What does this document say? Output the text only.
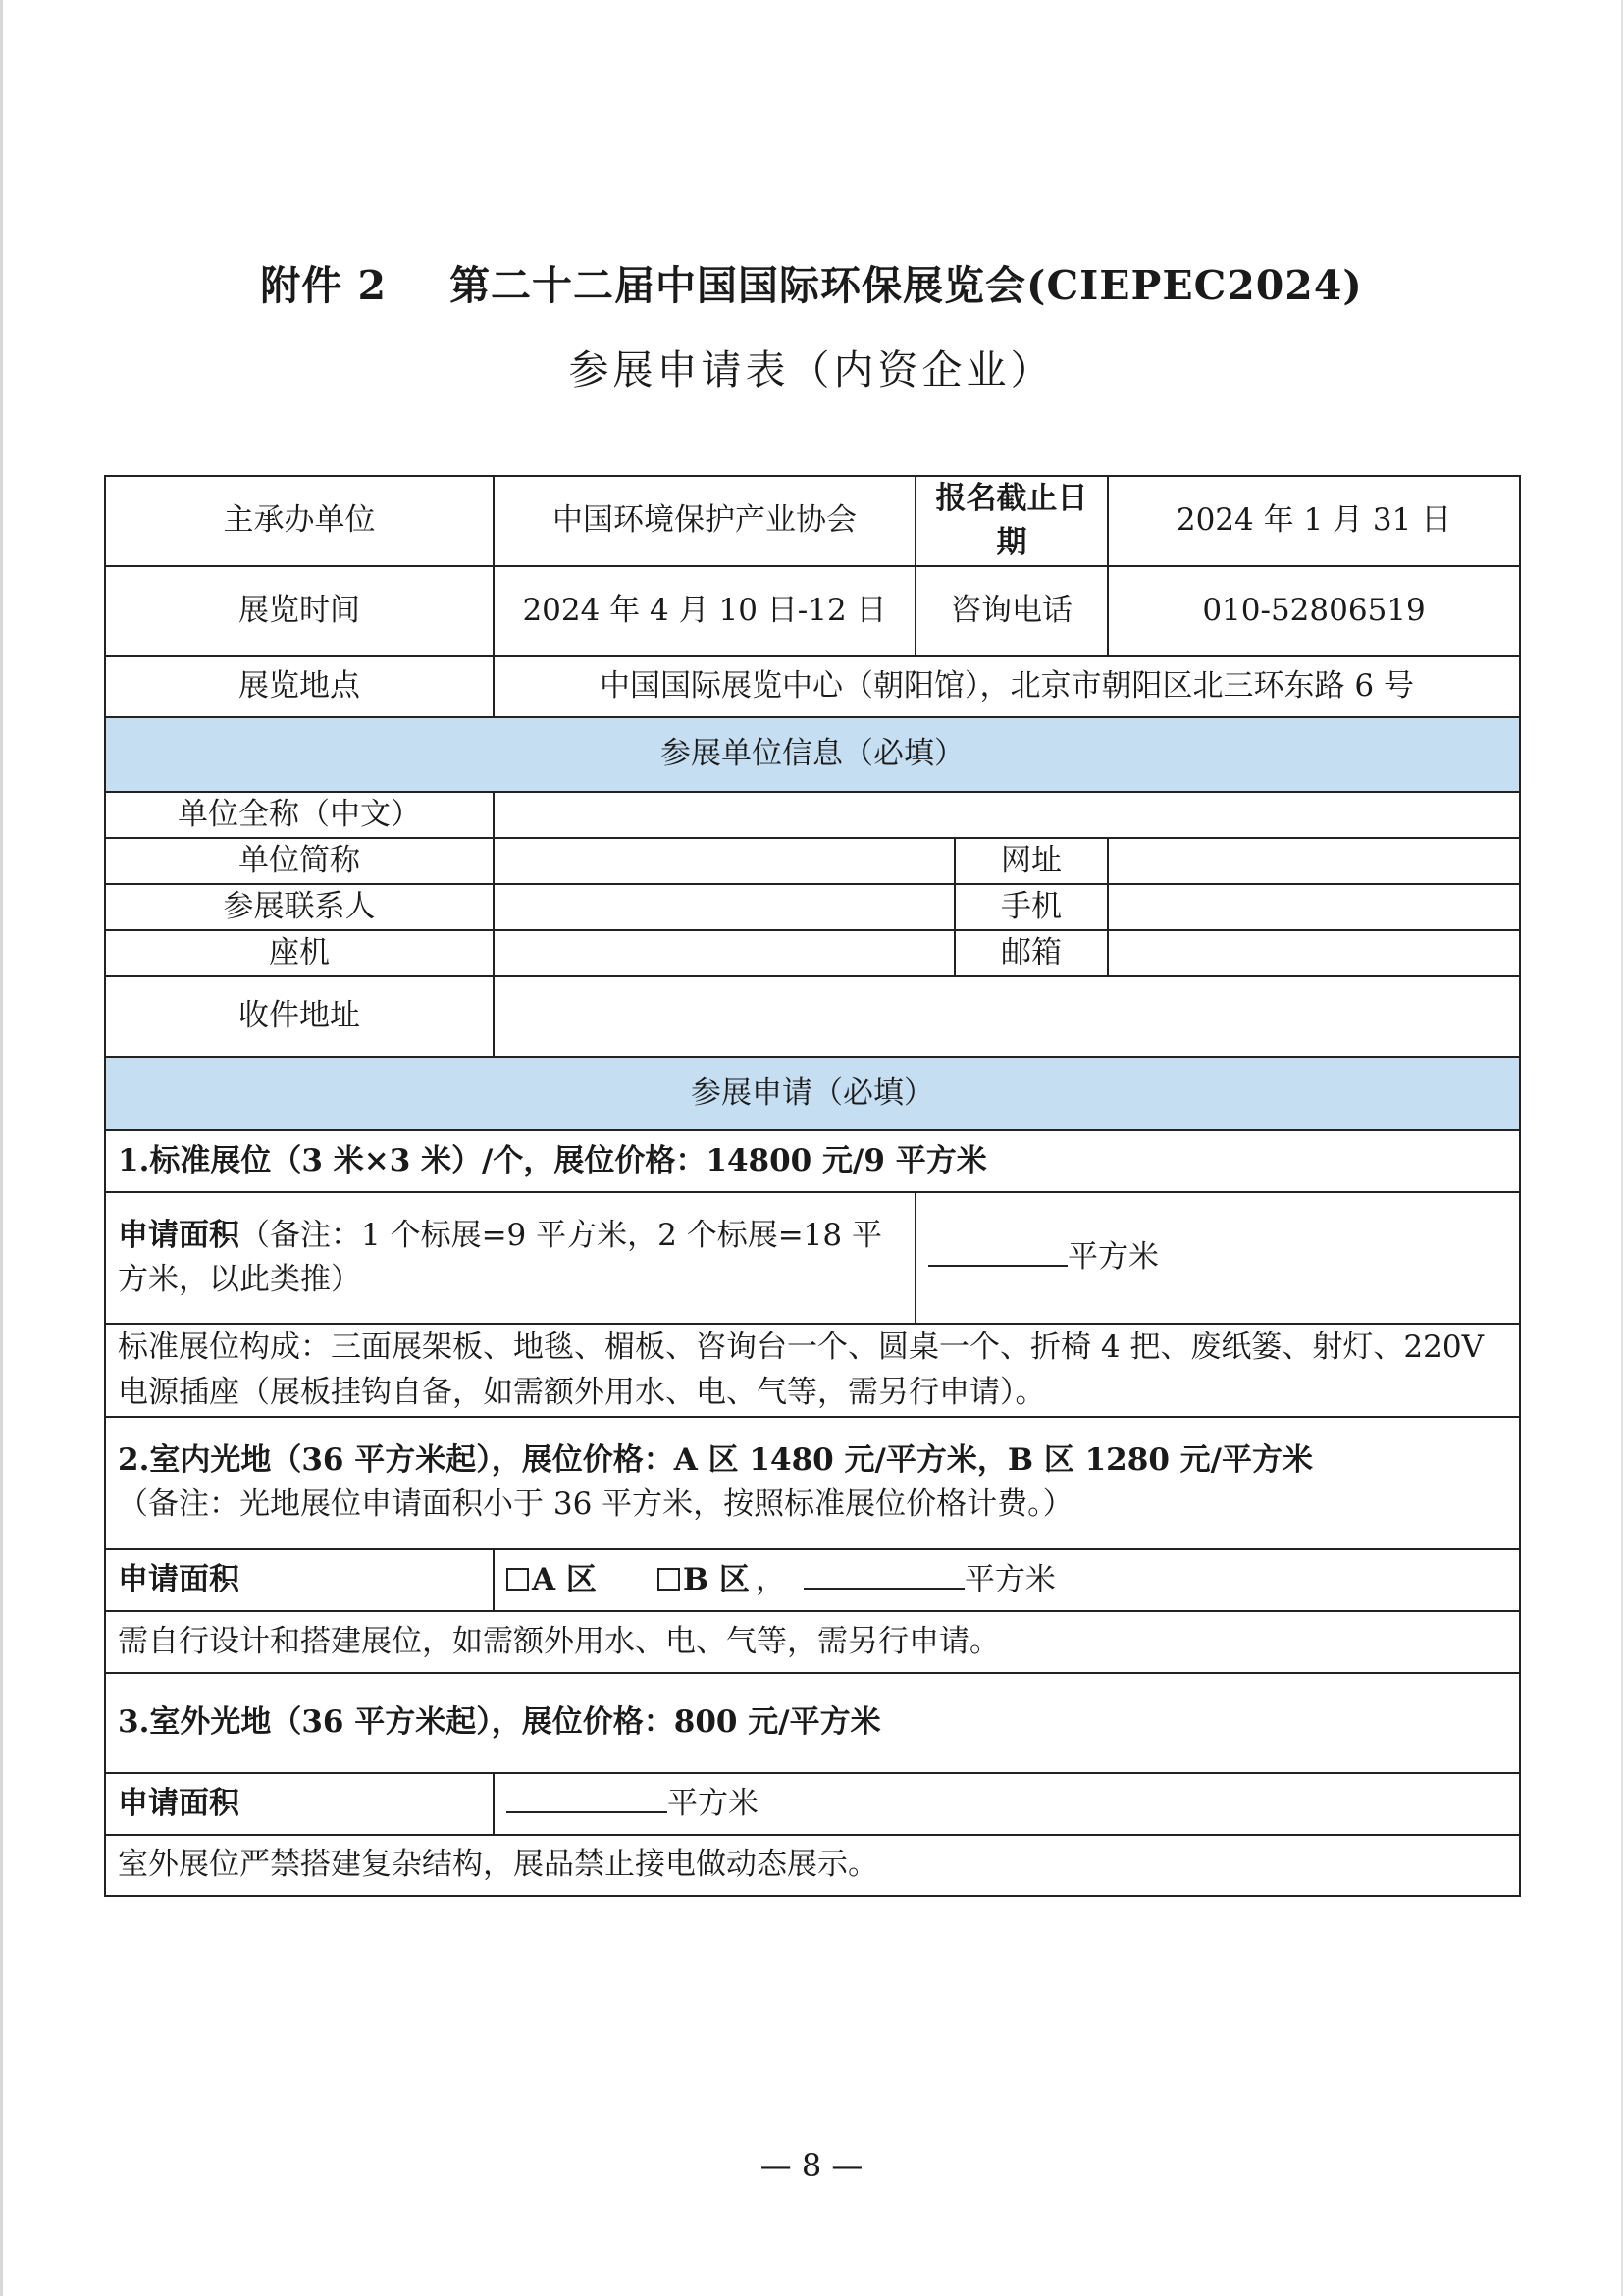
附件 2 第二十二届中国国际环保展览会(CIEPEC2024)
参展申请表（内资企业）
主承办单位	中国环境保护产业协会	报名截止日期		2024 年 1 月 31 日
展览时间	2024 年 4 月 10 日-12 日	咨询电话		010-52806519
展览地点	中国国际展览中心（朝阳馆），北京市朝阳区北三环东路 6 号			
参展单位信息（必填）				
单位全称（中文）				
单位简称			网址	
参展联系人			手机	
座机			邮箱	
收件地址				
参展申请（必填）				
1.标准展位（3 米×3 米）/个，展位价格：14800 元/9 平方米				
申请面积（备注：1 个标展=9 平方米，2 个标展=18 平方米，以此类推）		平方米		
标准展位构成：三面展架板、地毯、楣板、咨询台一个、圆桌一个、折椅 4 把、废纸篓、射灯、220V 电源插座（展板挂钩自备，如需额外用水、电、气等，需另行申请）。				

2.室内光地（36 平方米起），展位价格：A 区 1480 元/平方米，B 区 1280 元/平方米
（备注：光地展位申请面积小于 36 平方米，按照标准展位价格计费。）				

申请面积	A 区 B 区 ， 平方米			
需自行设计和搭建展位，如需额外用水、电、气等，需另行申请。				
3.室外光地（36 平方米起），展位价格：800 元/平方米				
申请面积	平方米			
室外展位严禁搭建复杂结构，展品禁止接电做动态展示。				
— 8 —
